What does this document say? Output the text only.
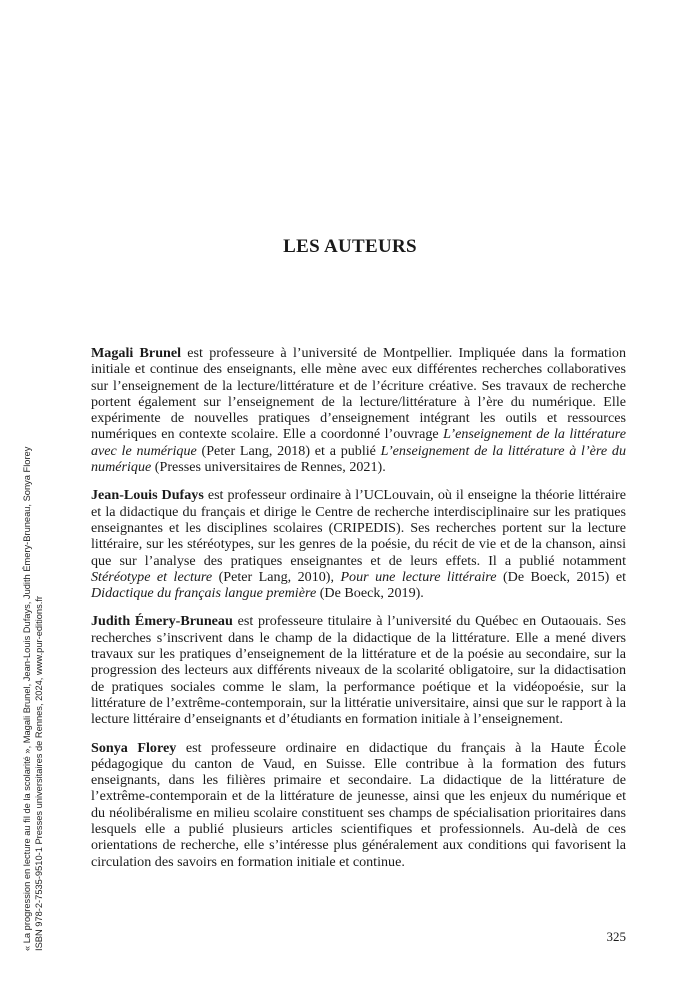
« La progression en lecture au fil de la scolarité », Magali Brunel, Jean-Louis Dufays, Judith Émery-Bruneau, Sonya Florey ISBN 978-2-7535-9510-1 Presses universitaires de Rennes, 2024, www.pur-editions.fr
LES AUTEURS

Magali Brunel est professeure à l’université de Montpellier. Impliquée dans la formation initiale et continue des enseignants, elle mène avec eux différentes recherches collaboratives sur l’enseignement de la lecture/littérature et de l’écriture créative. Ses travaux de recherche portent également sur l’enseignement de la lecture/littérature à l’ère du numérique. Elle expérimente de nouvelles pratiques d’enseignement intégrant les outils et ressources numériques en contexte scolaire. Elle a coordonné l’ouvrage L’enseignement de la littérature avec le numérique (Peter Lang, 2018) et a publié L’enseignement de la littérature à l’ère du numérique (Presses universitaires de Rennes, 2021).

Jean-Louis Dufays est professeur ordinaire à l’UCLouvain, où il enseigne la théorie littéraire et la didactique du français et dirige le Centre de recherche interdisciplinaire sur les pratiques enseignantes et les disciplines scolaires (CRIPEDIS). Ses recherches portent sur la lecture littéraire, sur les stéréotypes, sur les genres de la poésie, du récit de vie et de la chanson, ainsi que sur l’analyse des pratiques enseignantes et de leurs effets. Il a publié notamment Stéréotype et lecture (Peter Lang, 2010), Pour une lecture littéraire (De Boeck, 2015) et Didactique du français langue première (De Boeck, 2019).

Judith Émery-Bruneau est professeure titulaire à l’université du Québec en Outaouais. Ses recherches s’inscrivent dans le champ de la didactique de la littérature. Elle a mené divers travaux sur les pratiques d’enseignement de la littérature et de la poésie au secondaire, sur la progression des lecteurs aux différents niveaux de la scolarité obligatoire, sur la didactisation de pratiques sociales comme le slam, la performance poétique et la vidéopoésie, sur la littérature de l’extrême-contemporain, sur la littératie universitaire, ainsi que sur le rapport à la lecture littéraire d’enseignants et d’étudiants en formation initiale à l’enseignement.

Sonya Florey est professeure ordinaire en didactique du français à la Haute École pédagogique du canton de Vaud, en Suisse. Elle contribue à la formation des futurs enseignants, dans les filières primaire et secondaire. La didactique de la littérature de l’extrême-contemporain et de la littérature de jeunesse, ainsi que les enjeux du numérique et du néolibéralisme en milieu scolaire constituent ses champs de spécialisation prioritaires dans lesquels elle a publié plusieurs articles scientifiques et professionnels. Au-delà de ces orientations de recherche, elle s’intéresse plus généralement aux conditions qui favorisent la circulation des savoirs en formation initiale et continue.

325
